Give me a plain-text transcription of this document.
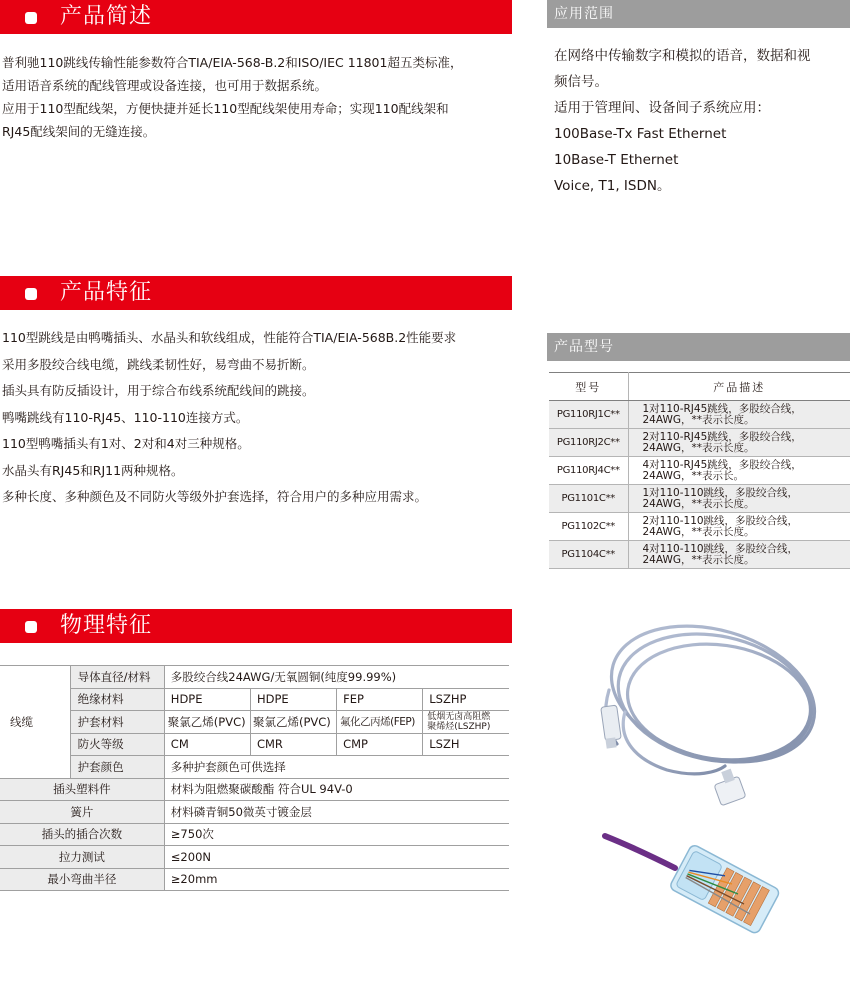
产品简述

普利驰110跳线传输性能参数符合TIA/EIA-568-B.2和ISO/IEC 11801超五类标准，

适用语音系统的配线管理或设备连接，也可用于数据系统。

应用于110型配线架，方便快捷并延长110型配线架使用寿命；实现110配线架和

RJ45配线架间的无缝连接。

应用范围

在网络中传输数字和模拟的语音，数据和视

频信号。

适用于管理间、设备间子系统应用：

100Base-Tx Fast Ethernet

10Base-T Ethernet

Voice, T1, ISDN。

产品特征

110型跳线是由鸭嘴插头、水晶头和软线组成，性能符合TIA/EIA-568B.2性能要求

采用多股绞合线电缆，跳线柔韧性好，易弯曲不易折断。

插头具有防反插设计，用于综合布线系统配线间的跳接。

鸭嘴跳线有110-RJ45、110-110连接方式。

110型鸭嘴插头有1对、2对和4对三种规格。

水晶头有RJ45和RJ11两种规格。

多种长度、多种颜色及不同防火等级外护套选择，符合用户的多种应用需求。

产品型号
型号	产品描述
PG110RJ1C**	1对110-RJ45跳线，多股绞合线，
24AWG，**表示长度。
PG110RJ2C**	2对110-RJ45跳线，多股绞合线，
24AWG，**表示长度。
PG110RJ4C**	4对110-RJ45跳线，多股绞合线，
24AWG，**表示长。
PG1101C**	1对110-110跳线，多股绞合线，
24AWG，**表示长度。
PG1102C**	2对110-110跳线，多股绞合线，
24AWG，**表示长度。
PG1104C**	4对110-110跳线，多股绞合线，
24AWG，**表示长度。
物理特征
线缆	导体直径/材料	多股绞合线24AWG/无氧圆铜(纯度99.99%)			
	绝缘材料	HDPE	HDPE	FEP	LSZHP
	护套材料	聚氯乙烯(PVC)	聚氯乙烯(PVC)	氟化乙丙烯(FEP)	低烟无卤高阻燃
聚烯烃(LSZHP)
	防火等级	CM	CMR	CMP	LSZH
	护套颜色	多种护套颜色可供选择			
插头塑料件		材料为阻燃聚碳酸酯 符合UL 94V-0			
簧片		材料磷青铜50微英寸镀金层			
插头的插合次数		≥750次			
拉力测试		≤200N			
最小弯曲半径		≥20mm			
